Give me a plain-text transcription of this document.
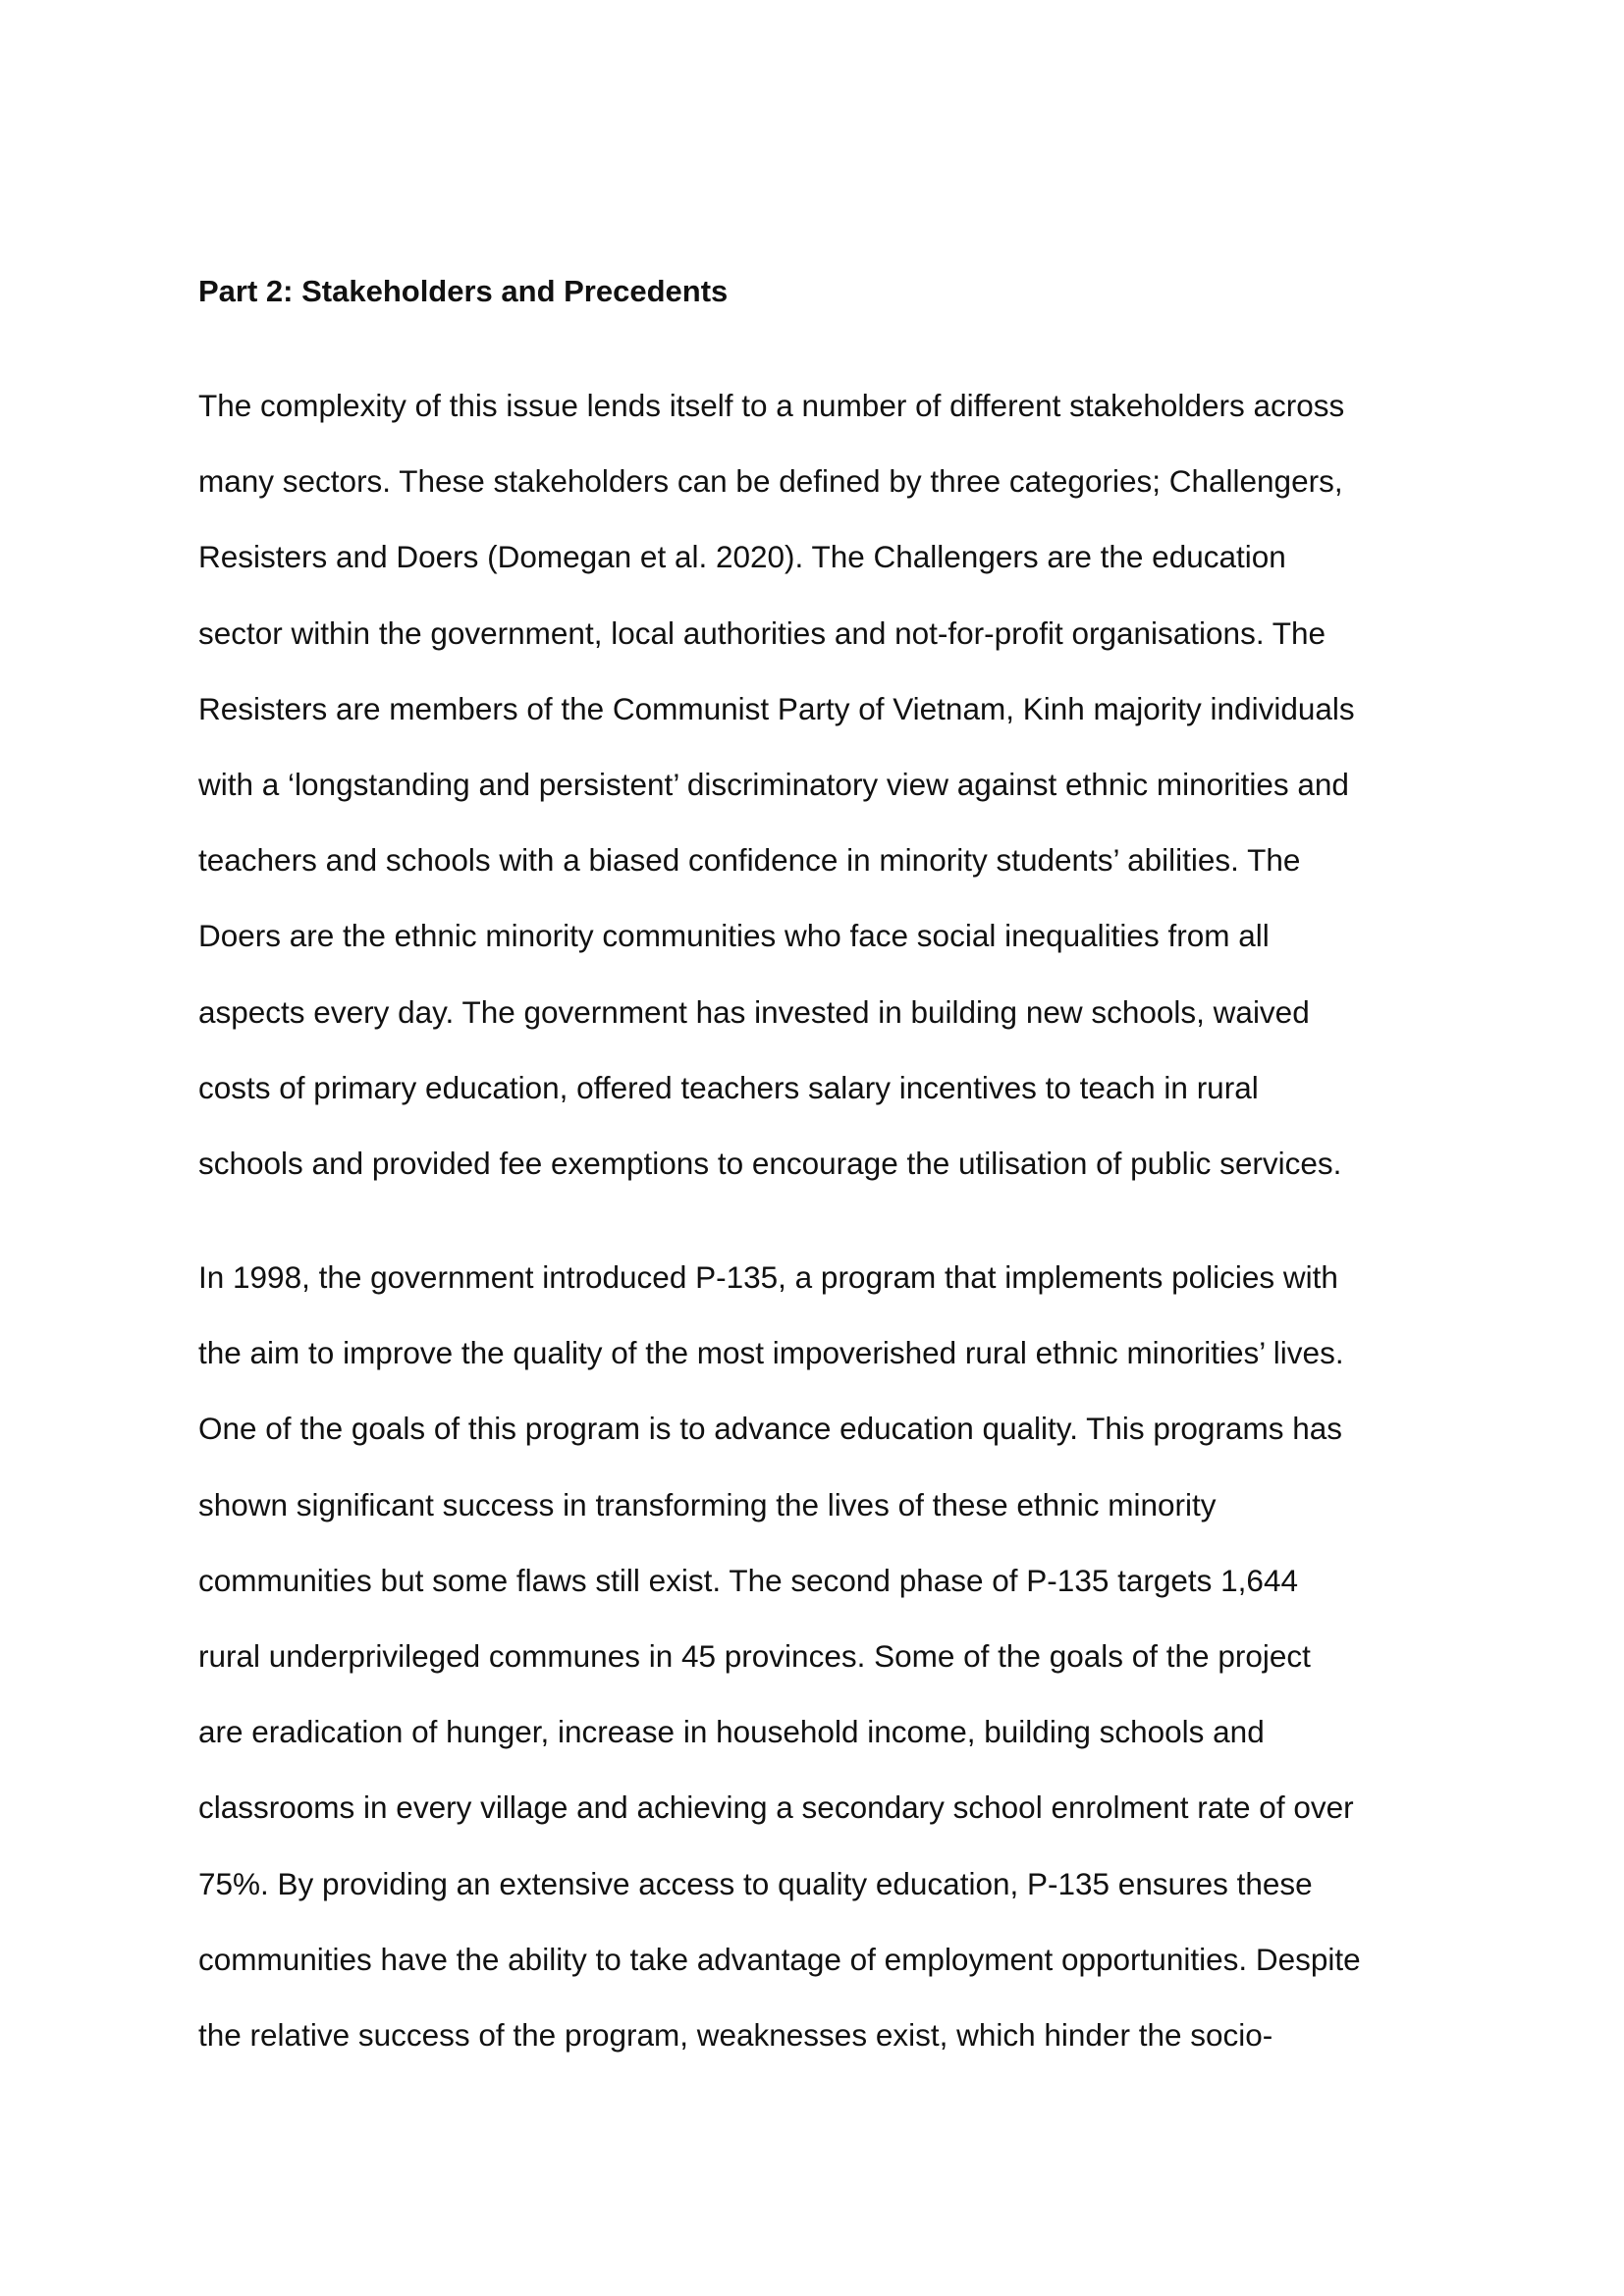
Part 2: Stakeholders and Precedents

The complexity of this issue lends itself to a number of different stakeholders across
many sectors. These stakeholders can be defined by three categories; Challengers,
Resisters and Doers (Domegan et al. 2020). The Challengers are the education
sector within the government, local authorities and not-for-profit organisations. The
Resisters are members of the Communist Party of Vietnam, Kinh majority individuals
with a ‘longstanding and persistent’ discriminatory view against ethnic minorities and
teachers and schools with a biased confidence in minority students’ abilities. The
Doers are the ethnic minority communities who face social inequalities from all
aspects every day. The government has invested in building new schools, waived
costs of primary education, offered teachers salary incentives to teach in rural
schools and provided fee exemptions to encourage the utilisation of public services.

In 1998, the government introduced P-135, a program that implements policies with
the aim to improve the quality of the most impoverished rural ethnic minorities’ lives.
One of the goals of this program is to advance education quality. This programs has
shown significant success in transforming the lives of these ethnic minority
communities but some flaws still exist. The second phase of P-135 targets 1,644
rural underprivileged communes in 45 provinces. Some of the goals of the project
are eradication of hunger, increase in household income, building schools and
classrooms in every village and achieving a secondary school enrolment rate of over
75%. By providing an extensive access to quality education, P-135 ensures these
communities have the ability to take advantage of employment opportunities. Despite
the relative success of the program, weaknesses exist, which hinder the socio-
